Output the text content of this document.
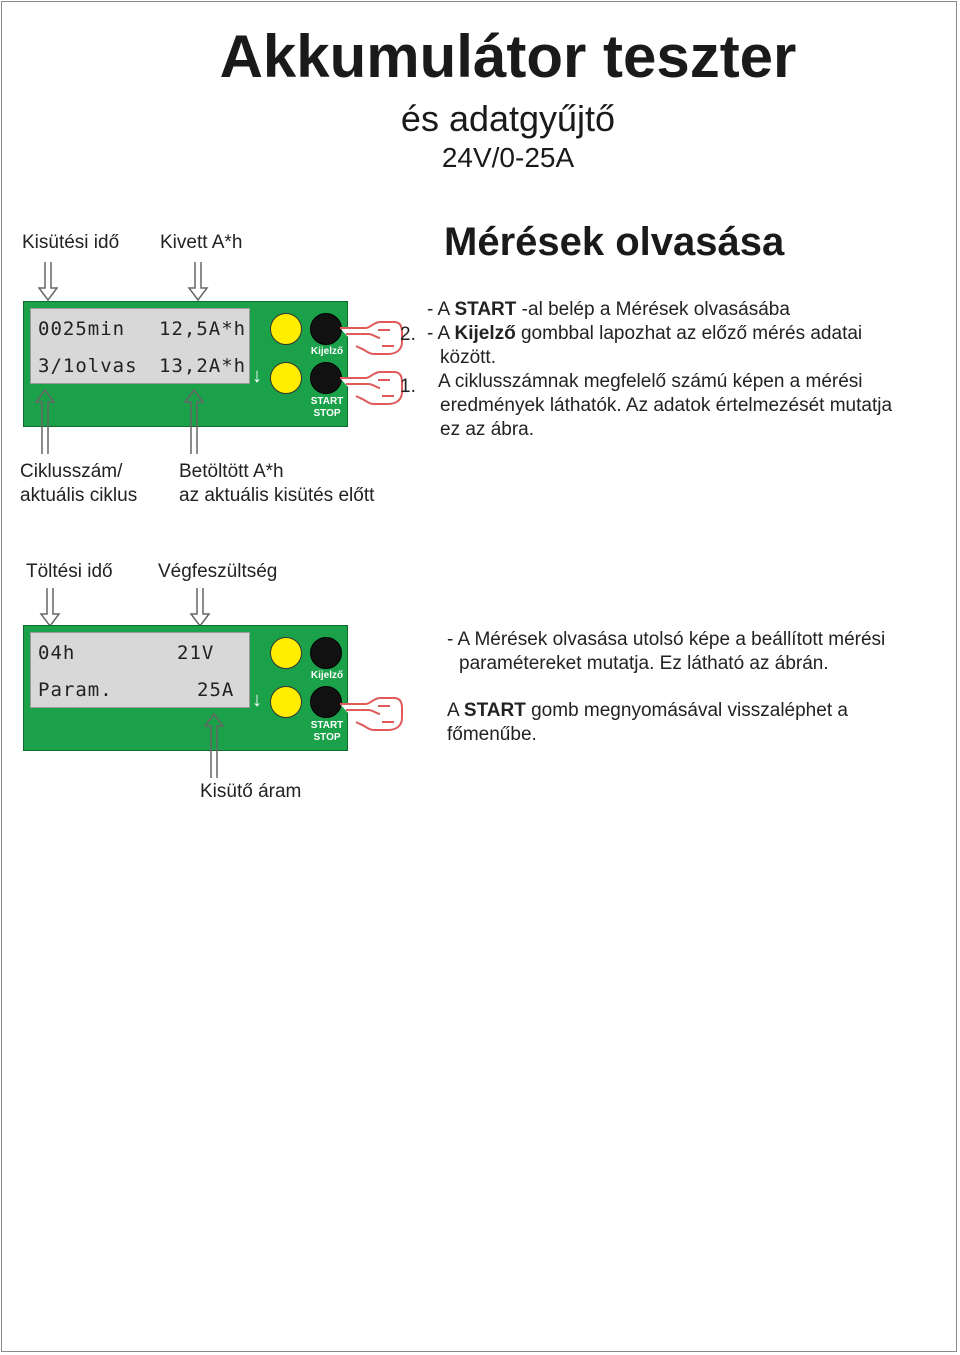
Akkumulátor teszter
és adatgyűjtő
24V/0-25A
Mérések olvasása
Kisütési idő Kivett A*h
0025min 12,5A*h
3/1olvas 13,2A*h
Kijelző
START
STOP
↓
2.
1.
- A START -al belép a Mérések olvasásába
- A Kijelző gombbal lapozhat az előző mérés adatai
között.
A ciklusszámnak megfelelő számú képen a mérési
eredmények láthatók. Az adatok értelmezését mutatja
ez az ábra.
Ciklusszám/
aktuális ciklus
Betöltött A*h
az aktuális kisütés előtt
Töltési idő Végfeszültség
04h	21V
Param.	25A
Kijelző
START
STOP
↓
- A Mérések olvasása utolsó képe a beállított mérési
paramétereket mutatja. Ez látható az ábrán.
A START gomb megnyomásával visszaléphet a
főmenűbe.
Kisütő áram
